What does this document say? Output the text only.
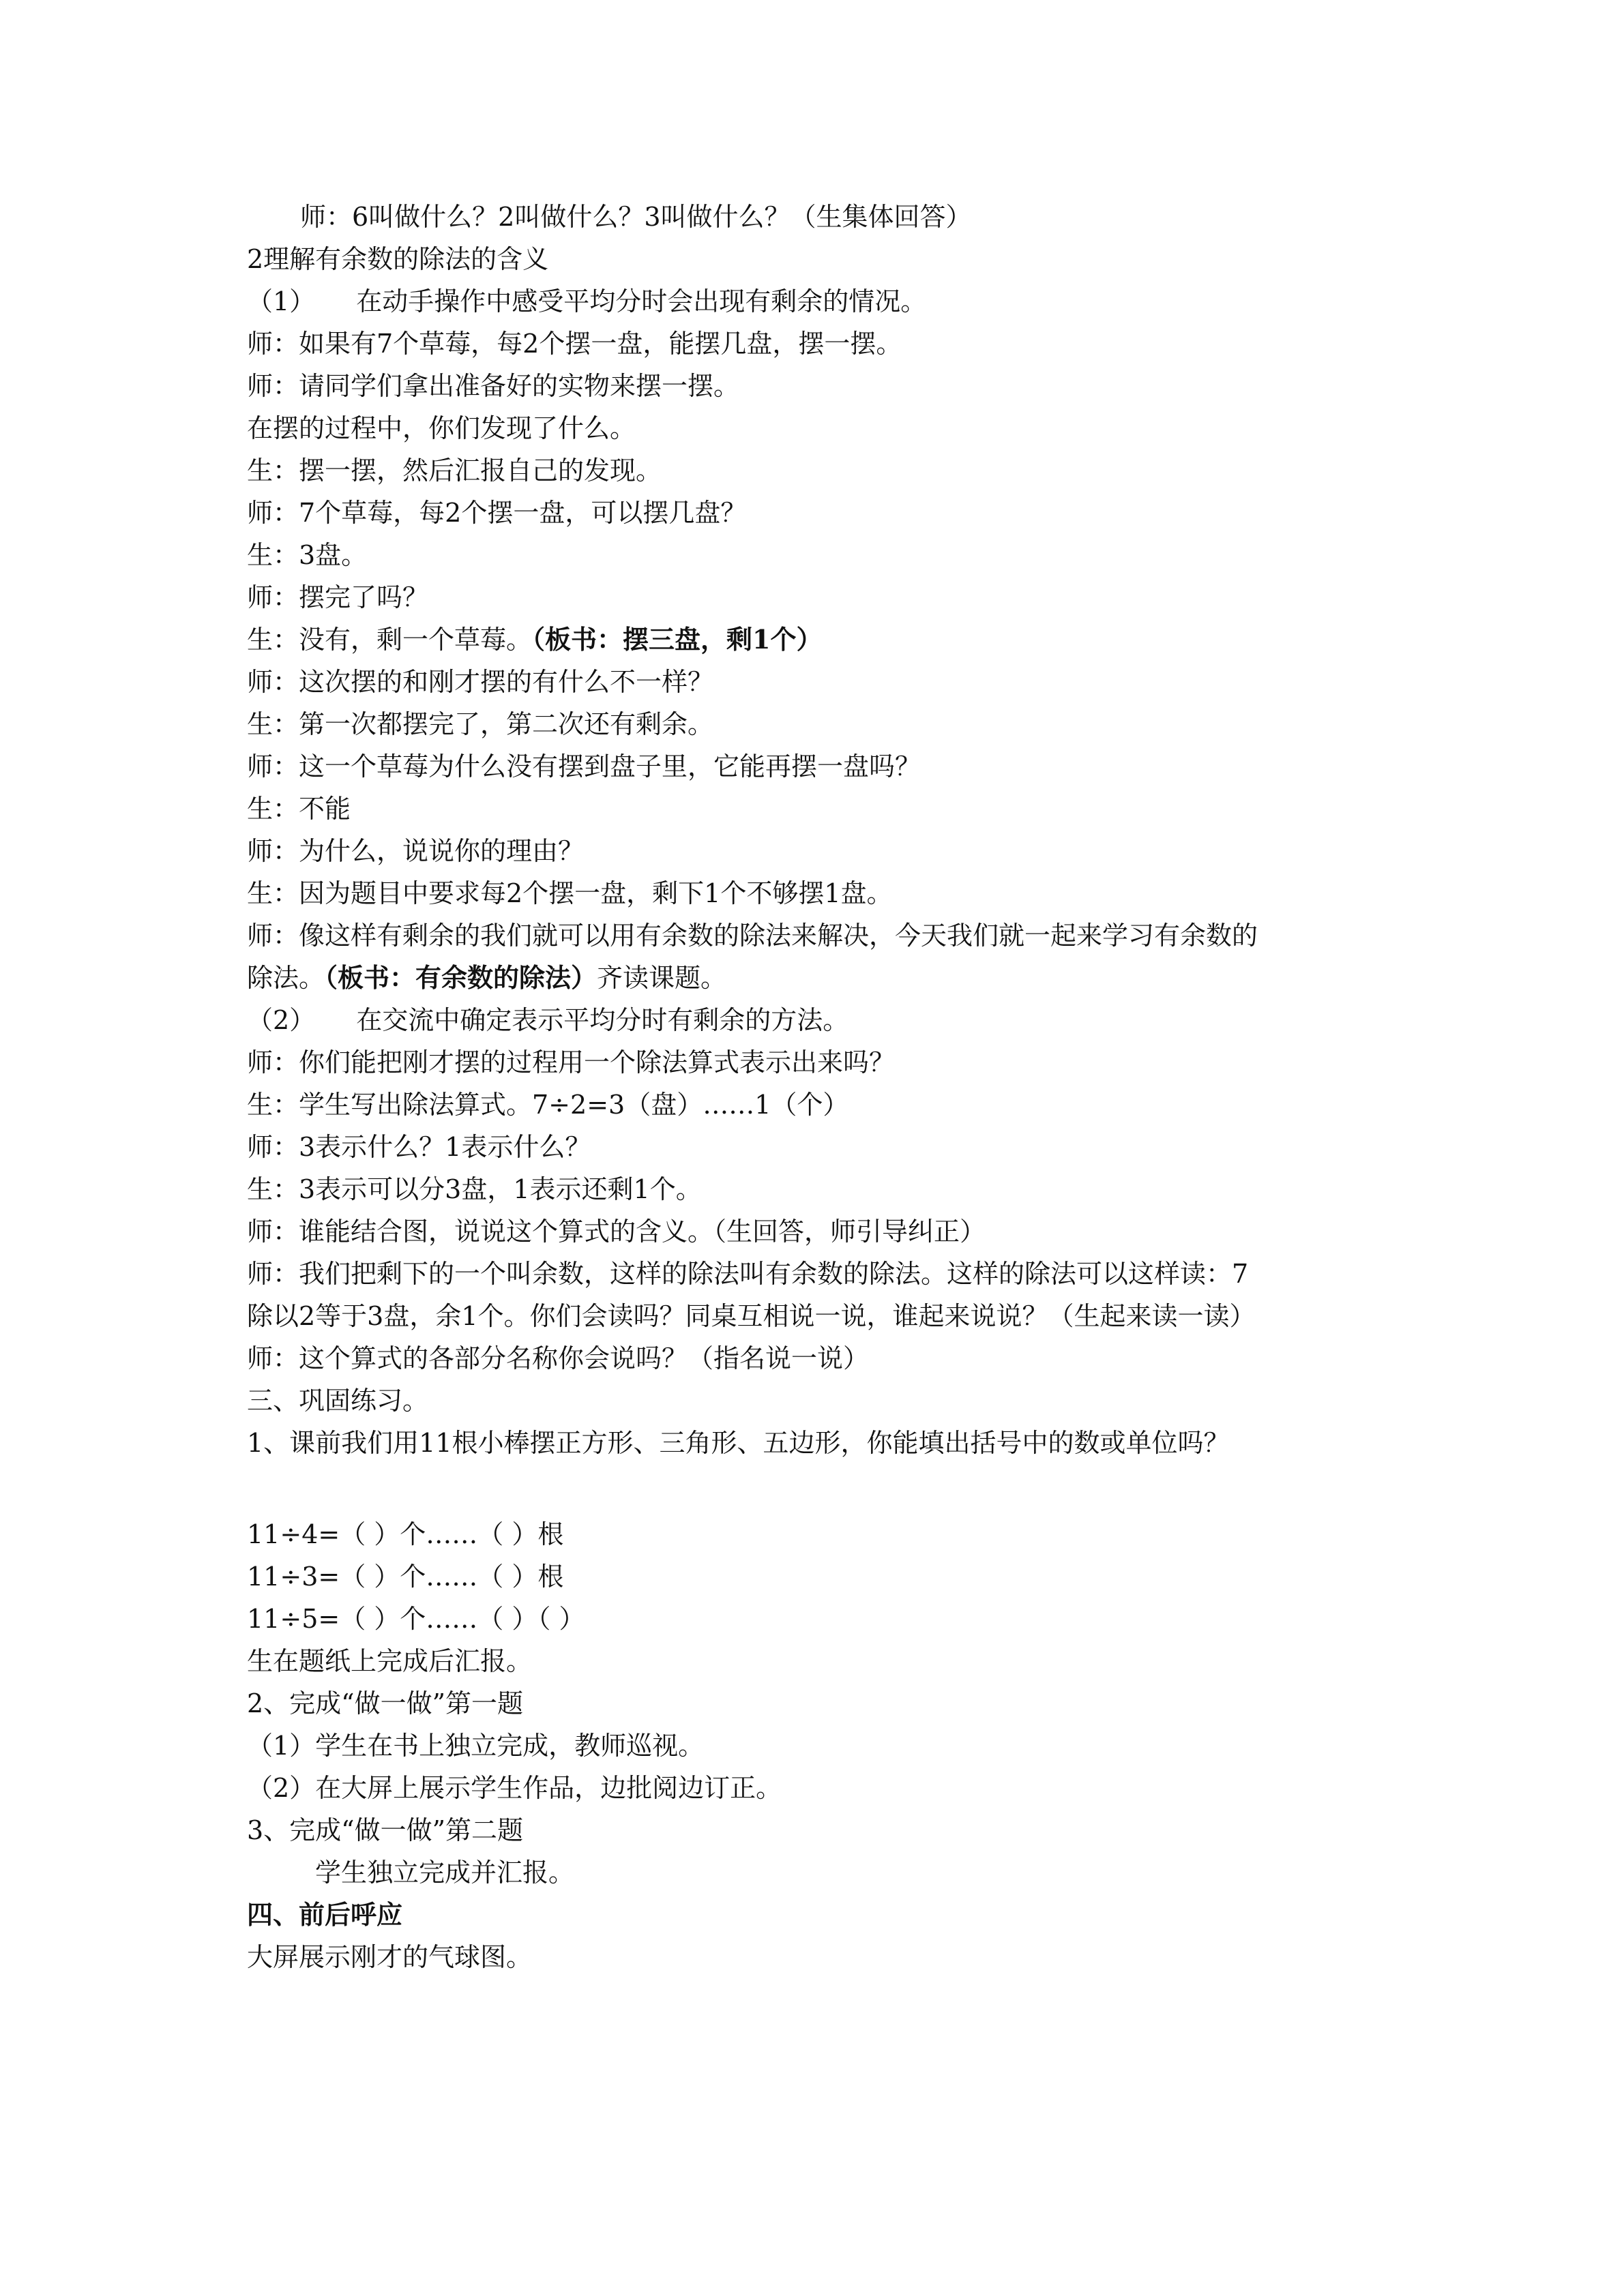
师：6叫做什么？2叫做什么？3叫做什么？（生集体回答）
2理解有余数的除法的含义
（1） 在动手操作中感受平均分时会出现有剩余的情况。
师：如果有7个草莓，每2个摆一盘，能摆几盘，摆一摆。
师：请同学们拿出准备好的实物来摆一摆。
在摆的过程中，你们发现了什么。
生：摆一摆，然后汇报自己的发现。
师：7个草莓，每2个摆一盘，可以摆几盘？
生：3盘。
师：摆完了吗？
生：没有，剩一个草莓。（板书：摆三盘，剩1个）
师：这次摆的和刚才摆的有什么不一样？
生：第一次都摆完了，第二次还有剩余。
师：这一个草莓为什么没有摆到盘子里，它能再摆一盘吗？
生：不能
师：为什么，说说你的理由？
生：因为题目中要求每2个摆一盘，剩下1个不够摆1盘。
师：像这样有剩余的我们就可以用有余数的除法来解决，今天我们就一起来学习有余数的
除法。（板书：有余数的除法）齐读课题。
（2） 在交流中确定表示平均分时有剩余的方法。
师：你们能把刚才摆的过程用一个除法算式表示出来吗？
生：学生写出除法算式。7÷2=3（盘）……1（个）
师：3表示什么？1表示什么？
生：3表示可以分3盘，1表示还剩1个。
师：谁能结合图，说说这个算式的含义。（生回答，师引导纠正）
师：我们把剩下的一个叫余数，这样的除法叫有余数的除法。这样的除法可以这样读：7
除以2等于3盘，余1个。你们会读吗？同桌互相说一说，谁起来说说？（生起来读一读）
师：这个算式的各部分名称你会说吗？（指名说一说）
三、巩固练习。
1、课前我们用11根小棒摆正方形、三角形、五边形，你能填出括号中的数或单位吗？
11÷4=（ ）个……（ ）根
11÷3=（ ）个……（ ）根
11÷5=（ ）个……（ ）（ ）
生在题纸上完成后汇报。
2、完成“做一做”第一题
（1）学生在书上独立完成，教师巡视。
（2）在大屏上展示学生作品，边批阅边订正。
3、完成“做一做”第二题
学生独立完成并汇报。
四、前后呼应
大屏展示刚才的气球图。
